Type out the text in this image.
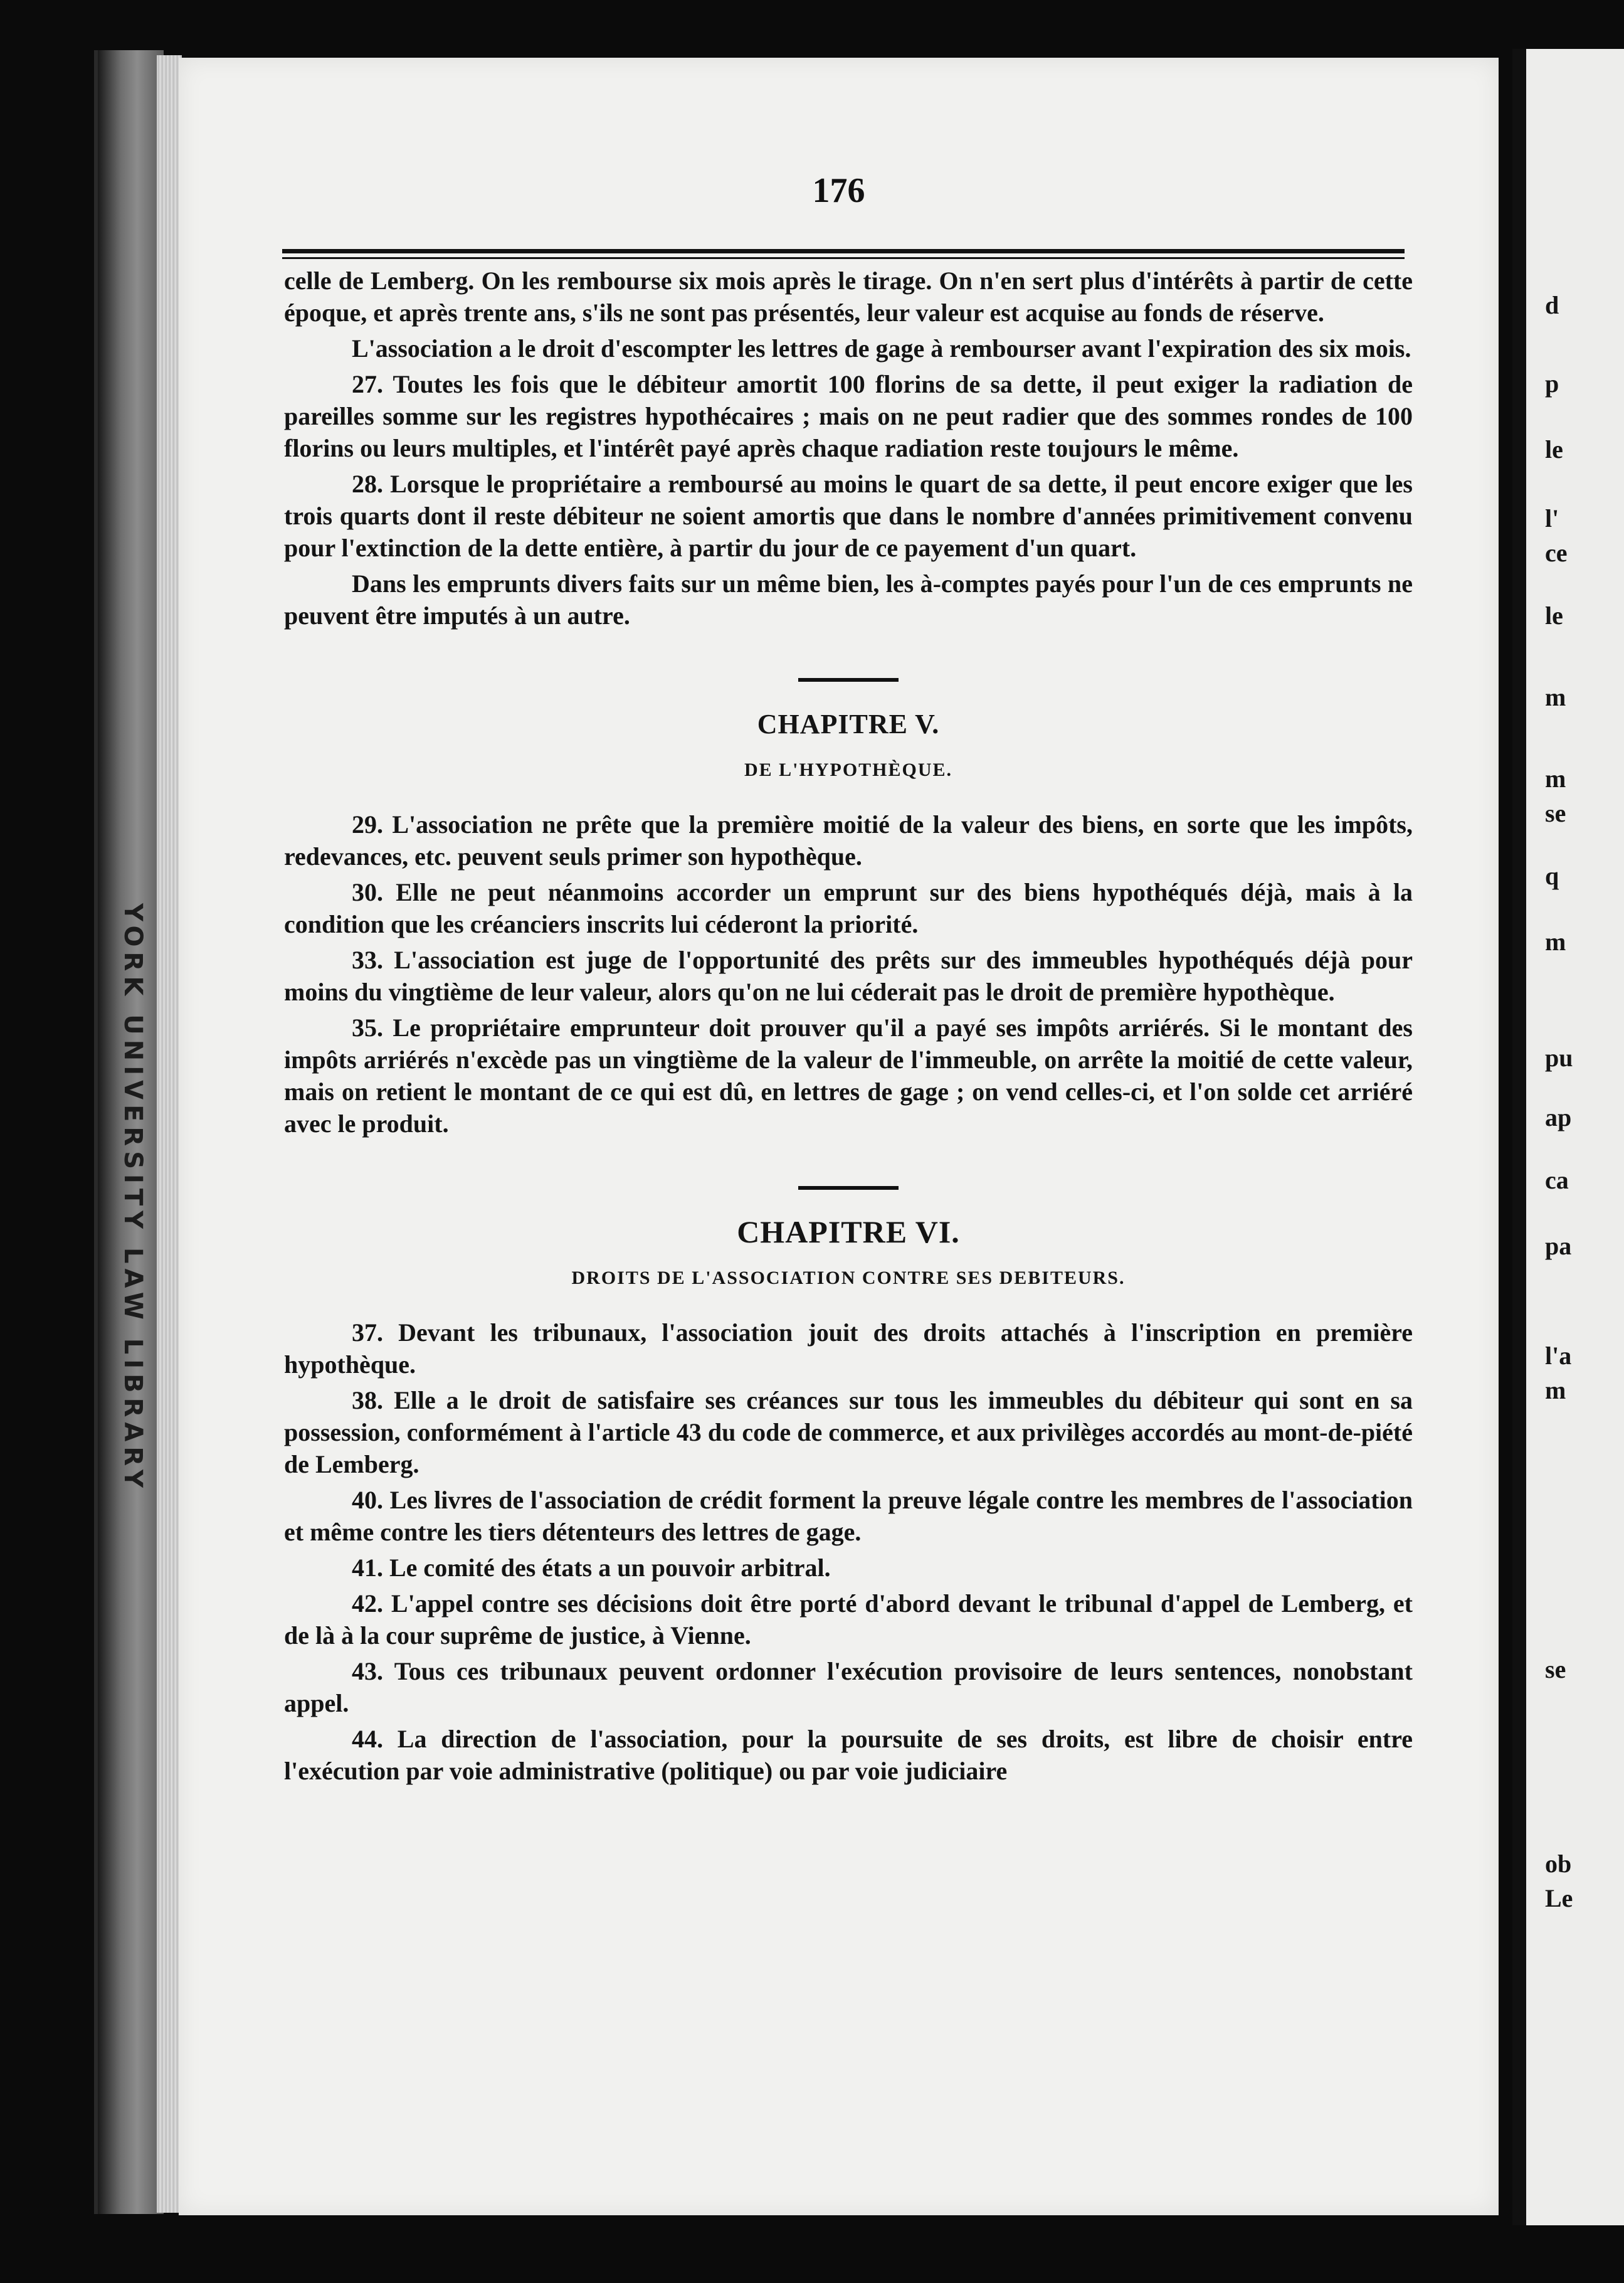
YORK UNIVERSITY LAW LIBRARY
176

celle de Lemberg. On les rembourse six mois après le tirage. On n'en sert plus d'intérêts à partir de cette époque, et après trente ans, s'ils ne sont pas présentés, leur valeur est acquise au fonds de réserve.

L'association a le droit d'escompter les lettres de gage à rembourser avant l'expiration des six mois.

27. Toutes les fois que le débiteur amortit 100 florins de sa dette, il peut exiger la radiation de pareilles somme sur les registres hypothécaires ; mais on ne peut radier que des sommes rondes de 100 florins ou leurs multiples, et l'intérêt payé après chaque radiation reste toujours le même.

28. Lorsque le propriétaire a remboursé au moins le quart de sa dette, il peut encore exiger que les trois quarts dont il reste débiteur ne soient amortis que dans le nombre d'années primitivement convenu pour l'extinction de la dette entière, à partir du jour de ce payement d'un quart.

Dans les emprunts divers faits sur un même bien, les à-comptes payés pour l'un de ces emprunts ne peuvent être imputés à un autre.

CHAPITRE V.
DE L'HYPOTHÈQUE.

29. L'association ne prête que la première moitié de la valeur des biens, en sorte que les impôts, redevances, etc. peuvent seuls primer son hypothèque.

30. Elle ne peut néanmoins accorder un emprunt sur des biens hypothéqués déjà, mais à la condition que les créanciers inscrits lui céderont la priorité.

33. L'association est juge de l'opportunité des prêts sur des immeubles hypothéqués déjà pour moins du vingtième de leur valeur, alors qu'on ne lui céderait pas le droit de première hypothèque.

35. Le propriétaire emprunteur doit prouver qu'il a payé ses impôts arriérés. Si le montant des impôts arriérés n'excède pas un vingtième de la valeur de l'immeuble, on arrête la moitié de cette valeur, mais on retient le montant de ce qui est dû, en lettres de gage ; on vend celles-ci, et l'on solde cet arriéré avec le produit.

CHAPITRE VI.
DROITS DE L'ASSOCIATION CONTRE SES DEBITEURS.

37. Devant les tribunaux, l'association jouit des droits attachés à l'inscription en première hypothèque.

38. Elle a le droit de satisfaire ses créances sur tous les immeubles du débiteur qui sont en sa possession, conformément à l'article 43 du code de commerce, et aux privilèges accordés au mont-de-piété de Lemberg.

40. Les livres de l'association de crédit forment la preuve légale contre les membres de l'association et même contre les tiers détenteurs des lettres de gage.

41. Le comité des états a un pouvoir arbitral.

42. L'appel contre ses décisions doit être porté d'abord devant le tribunal d'appel de Lemberg, et de là à la cour suprême de justice, à Vienne.

43. Tous ces tribunaux peuvent ordonner l'exécution provisoire de leurs sentences, nonobstant appel.

44. La direction de l'association, pour la poursuite de ses droits, est libre de choisir entre l'exécution par voie administrative (politique) ou par voie judiciaire

d
p
le
l'
ce
le
m
m
se
q
m
pu
ap
ca
pa
l'a
m
se
ob
Le
